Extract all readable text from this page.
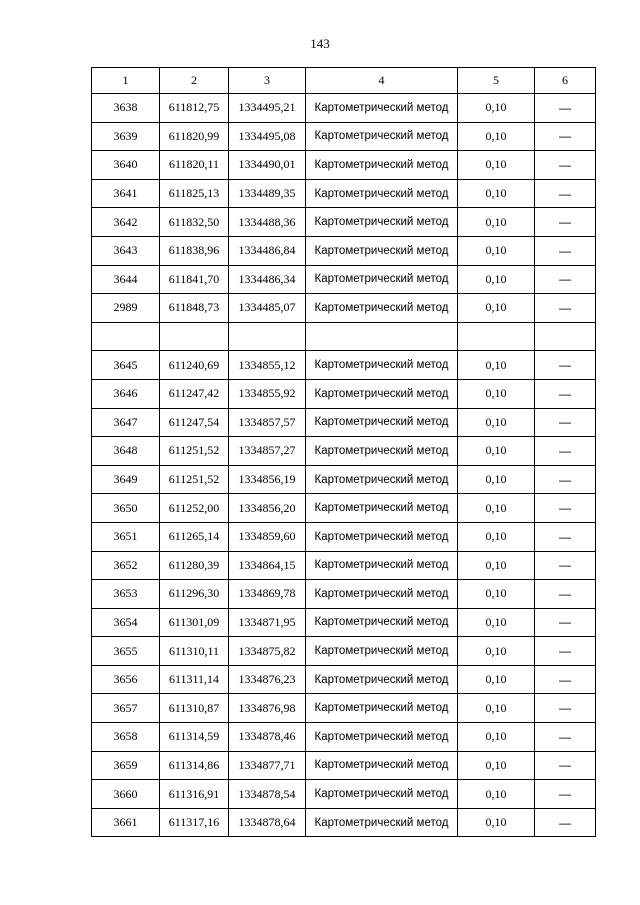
143
1	2	3	4	5	6
3638	611812,75	1334495,21	Картометрический метод	0,10	—
3639	611820,99	1334495,08	Картометрический метод	0,10	—
3640	611820,11	1334490,01	Картометрический метод	0,10	—
3641	611825,13	1334489,35	Картометрический метод	0,10	—
3642	611832,50	1334488,36	Картометрический метод	0,10	—
3643	611838,96	1334486,84	Картометрический метод	0,10	—
3644	611841,70	1334486,34	Картометрический метод	0,10	—
2989	611848,73	1334485,07	Картометрический метод	0,10	—

3645	611240,69	1334855,12	Картометрический метод	0,10	—
3646	611247,42	1334855,92	Картометрический метод	0,10	—
3647	611247,54	1334857,57	Картометрический метод	0,10	—
3648	611251,52	1334857,27	Картометрический метод	0,10	—
3649	611251,52	1334856,19	Картометрический метод	0,10	—
3650	611252,00	1334856,20	Картометрический метод	0,10	—
3651	611265,14	1334859,60	Картометрический метод	0,10	—
3652	611280,39	1334864,15	Картометрический метод	0,10	—
3653	611296,30	1334869,78	Картометрический метод	0,10	—
3654	611301,09	1334871,95	Картометрический метод	0,10	—
3655	611310,11	1334875,82	Картометрический метод	0,10	—
3656	611311,14	1334876,23	Картометрический метод	0,10	—
3657	611310,87	1334876,98	Картометрический метод	0,10	—
3658	611314,59	1334878,46	Картометрический метод	0,10	—
3659	611314,86	1334877,71	Картометрический метод	0,10	—
3660	611316,91	1334878,54	Картометрический метод	0,10	—
3661	611317,16	1334878,64	Картометрический метод	0,10	—
